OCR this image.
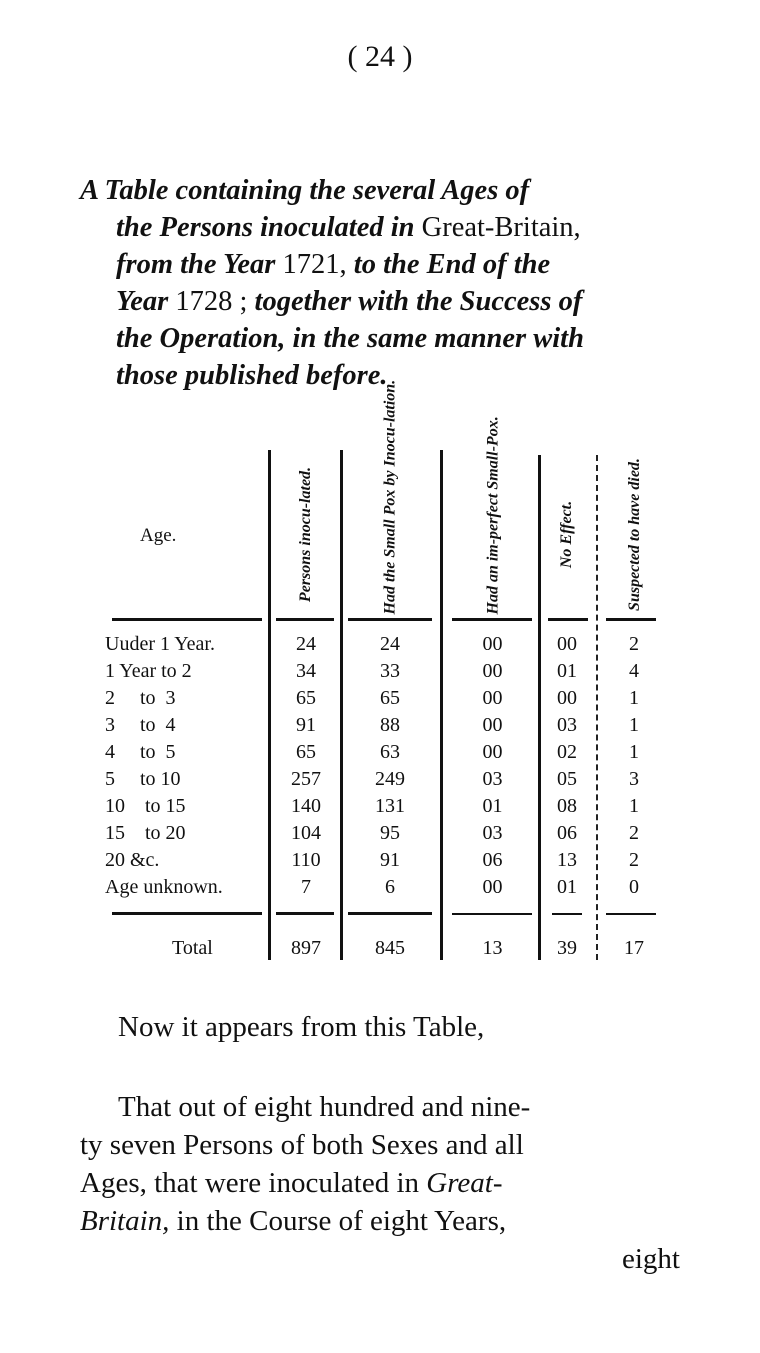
( 24 )
A Table containing the several Ages of
the Persons inoculated in Great-Britain,
from the Year 1721, to the End of the
Year 1728 ; together with the Success of
the Operation, in the same manner with
those published before.
Age.	Persons inocu-lated.	Had the Small Pox by Inocu-lation.	Had an im-perfect Small-Pox.	No Effect.	Suspected to have died.
Uuder 1 Year.	24	24	00	00	2
1 Year to 2	34	33	00	01	4
2     to  3	65	65	00	00	1
3     to  4	91	88	00	03	1
4     to  5	65	63	00	02	1
5     to 10	257	249	03	05	3
10    to 15	140	131	01	08	1
15    to 20	104	95	03	06	2
20 &c.	110	91	06	13	2
Age unknown.	7	6	00	01	0
Total	897	845	13	39	17
Now it appears from this Table,
That out of eight hundred and nine-
ty seven Persons of both Sexes and all
Ages, that were inoculated in Great-
Britain, in the Course of eight Years,
eight
